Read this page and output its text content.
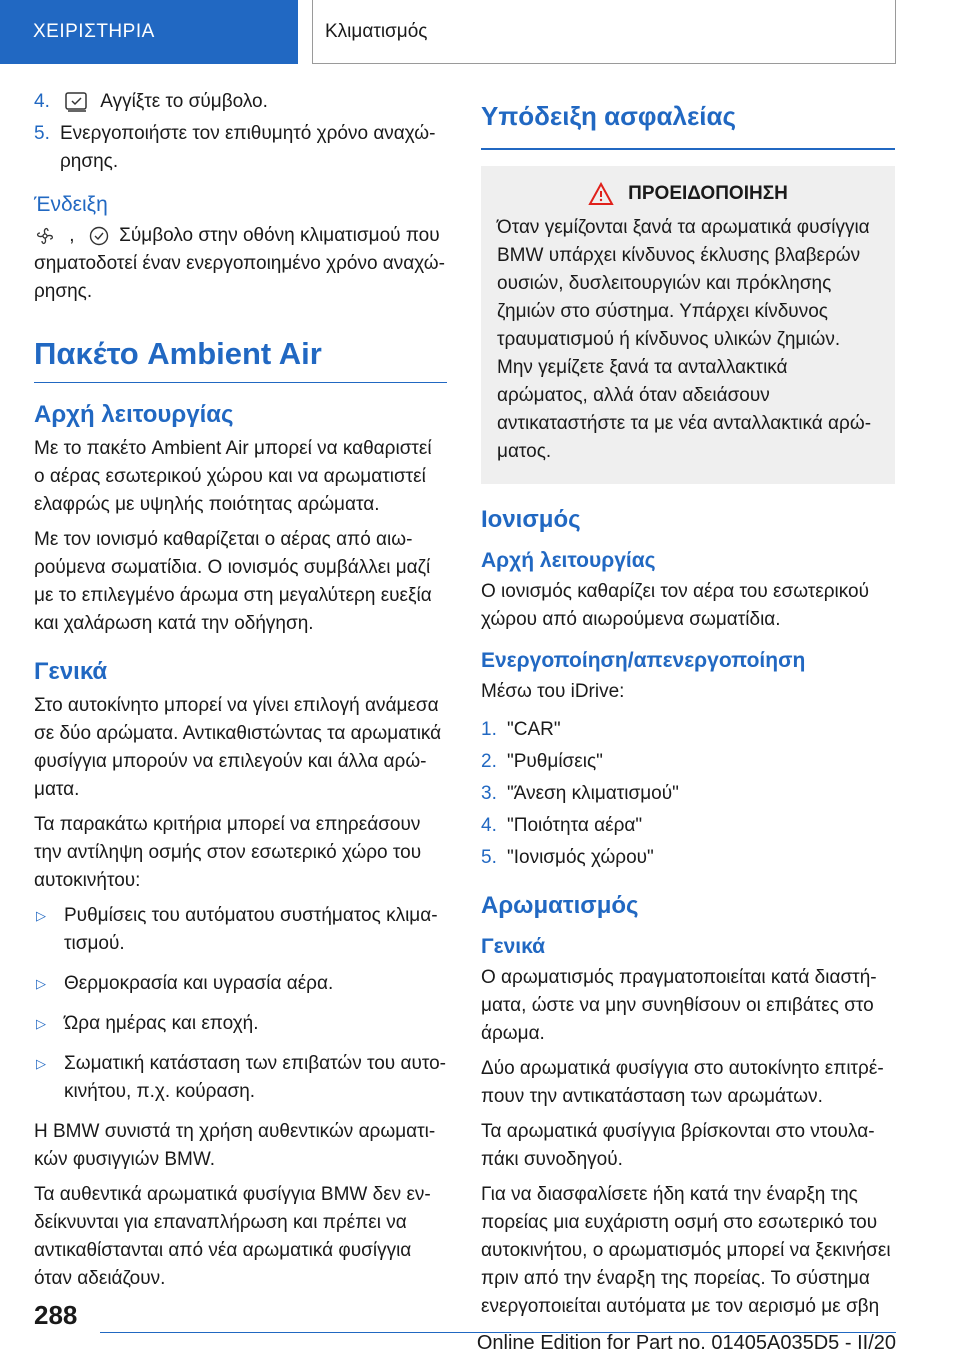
ΧΕΙΡΙΣΤΗΡΙΑ	Κλιματισμός
4.	Αγγίξτε το σύμβολο.
5. Ενεργοποιήστε τον επιθυμητό χρόνο αναχώρησης.
Ένδειξη

, Σύμβολο στην οθόνη κλιματισμού που σηματοδοτεί έναν ενεργοποιημένο χρόνο αναχώρησης.

Πακέτο Ambient Air
Αρχή λειτουργίας

Με το πακέτο Ambient Air μπορεί να καθαριστεί ο αέρας εσωτερικού χώρου και να αρωματιστεί ελαφρώς με υψηλής ποιότητας αρώματα.

Με τον ιονισμό καθαρίζεται ο αέρας από αιωρούμενα σωματίδια. Ο ιονισμός συμβάλλει μαζί με το επιλεγμένο άρωμα στη μεγαλύτερη ευεξία και χαλάρωση κατά την οδήγηση.

Γενικά

Στο αυτοκίνητο μπορεί να γίνει επιλογή ανάμεσα σε δύο αρώματα. Αντικαθιστώντας τα αρωματικά φυσίγγια μπορούν να επιλεγούν και άλλα αρώματα.

Τα παρακάτω κριτήρια μπορεί να επηρεάσουν την αντίληψη οσμής στον εσωτερικό χώρο του αυτοκινήτου:

▷ Ρυθμίσεις του αυτόματου συστήματος κλιματισμού.
▷ Θερμοκρασία και υγρασία αέρα.
▷ Ώρα ημέρας και εποχή.
▷ Σωματική κατάσταση των επιβατών του αυτοκινήτου, π.χ. κούραση.

Η BMW συνιστά τη χρήση αυθεντικών αρωματικών φυσιγγιών BMW.

Τα αυθεντικά αρωματικά φυσίγγια BMW δεν ενδείκνυνται για επαναπλήρωση και πρέπει να αντικαθίστανται από νέα αρωματικά φυσίγγια όταν αδειάζουν.

Υπόδειξη ασφαλείας
ΠΡΟΕΙΔΟΠΟΙΗΣΗ
Όταν γεμίζονται ξανά τα αρωματικά φυσίγγια BMW υπάρχει κίνδυνος έκλυσης βλαβερών ουσιών, δυσλειτουργιών και πρόκλησης ζημιών στο σύστημα. Υπάρχει κίνδυνος τραυματισμού ή κίνδυνος υλικών ζημιών. Μην γεμίζετε ξανά τα ανταλλακτικά αρώματος, αλλά όταν αδειάσουν αντικαταστήστε τα με νέα ανταλλακτικά αρώματος.
Ιονισμός
Αρχή λειτουργίας

Ο ιονισμός καθαρίζει τον αέρα του εσωτερικού χώρου από αιωρούμενα σωματίδια.

Ενεργοποίηση/απενεργοποίηση

Μέσω του iDrive:

1. "CAR"
2. "Ρυθμίσεις"
3. "Άνεση κλιματισμού"
4. "Ποιότητα αέρα"
5. "Ιονισμός χώρου"
Αρωματισμός
Γενικά

Ο αρωματισμός πραγματοποιείται κατά διαστήματα, ώστε να μην συνηθίσουν οι επιβάτες στο άρωμα.

Δύο αρωματικά φυσίγγια στο αυτοκίνητο επιτρέπουν την αντικατάσταση των αρωμάτων.

Τα αρωματικά φυσίγγια βρίσκονται στο ντουλαπάκι συνοδηγού.

Για να διασφαλίσετε ήδη κατά την έναρξη της πορείας μια ευχάριστη οσμή στο εσωτερικό του αυτοκινήτου, ο αρωματισμός μπορεί να ξεκινήσει πριν από την έναρξη της πορείας. Το σύστημα ενεργοποιείται αυτόματα με τον αερισμό με σβη

288
Online Edition for Part no. 01405A035D5 - II/20
